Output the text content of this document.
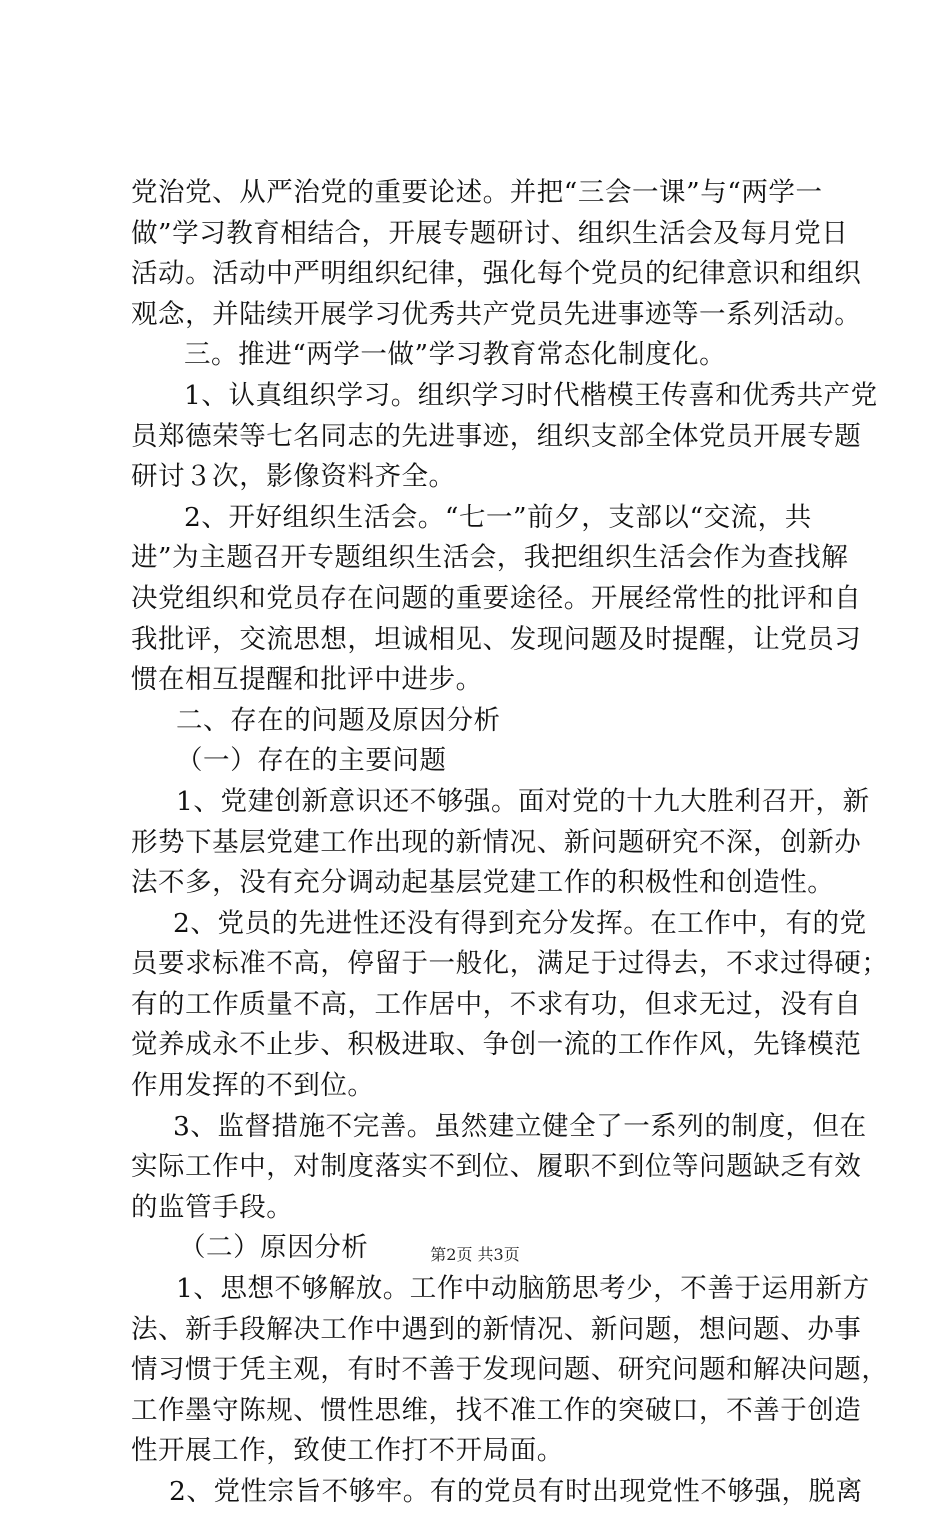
党治党、从严治党的重要论述。并把“三会一课”与“两学一
做”学习教育相结合，开展专题研讨、组织生活会及每月党日
活动。活动中严明组织纪律，强化每个党员的纪律意识和组织
观念，并陆续开展学习优秀共产党员先进事迹等一系列活动。
三。推进“两学一做”学习教育常态化制度化。
1、认真组织学习。组织学习时代楷模王传喜和优秀共产党
员郑德荣等七名同志的先进事迹，组织支部全体党员开展专题
研讨３次，影像资料齐全。
2、开好组织生活会。“七一”前夕，支部以“交流，共
进”为主题召开专题组织生活会，我把组织生活会作为查找解
决党组织和党员存在问题的重要途径。开展经常性的批评和自
我批评，交流思想，坦诚相见、发现问题及时提醒，让党员习
惯在相互提醒和批评中进步。
二、存在的问题及原因分析
（一）存在的主要问题
1、党建创新意识还不够强。面对党的十九大胜利召开，新
形势下基层党建工作出现的新情况、新问题研究不深，创新办
法不多，没有充分调动起基层党建工作的积极性和创造性。
2、党员的先进性还没有得到充分发挥。在工作中，有的党
员要求标准不高，停留于一般化，满足于过得去，不求过得硬；
有的工作质量不高，工作居中，不求有功，但求无过，没有自
觉养成永不止步、积极进取、争创一流的工作作风，先锋模范
作用发挥的不到位。
3、监督措施不完善。虽然建立健全了一系列的制度，但在
实际工作中，对制度落实不到位、履职不到位等问题缺乏有效
的监管手段。
（二）原因分析
1、思想不够解放。工作中动脑筋思考少，不善于运用新方
法、新手段解决工作中遇到的新情况、新问题，想问题、办事
情习惯于凭主观，有时不善于发现问题、研究问题和解决问题，
工作墨守陈规、惯性思维，找不准工作的突破口，不善于创造
性开展工作，致使工作打不开局面。
2、党性宗旨不够牢。有的党员有时出现党性不够强，脱离
第2页 共3页
